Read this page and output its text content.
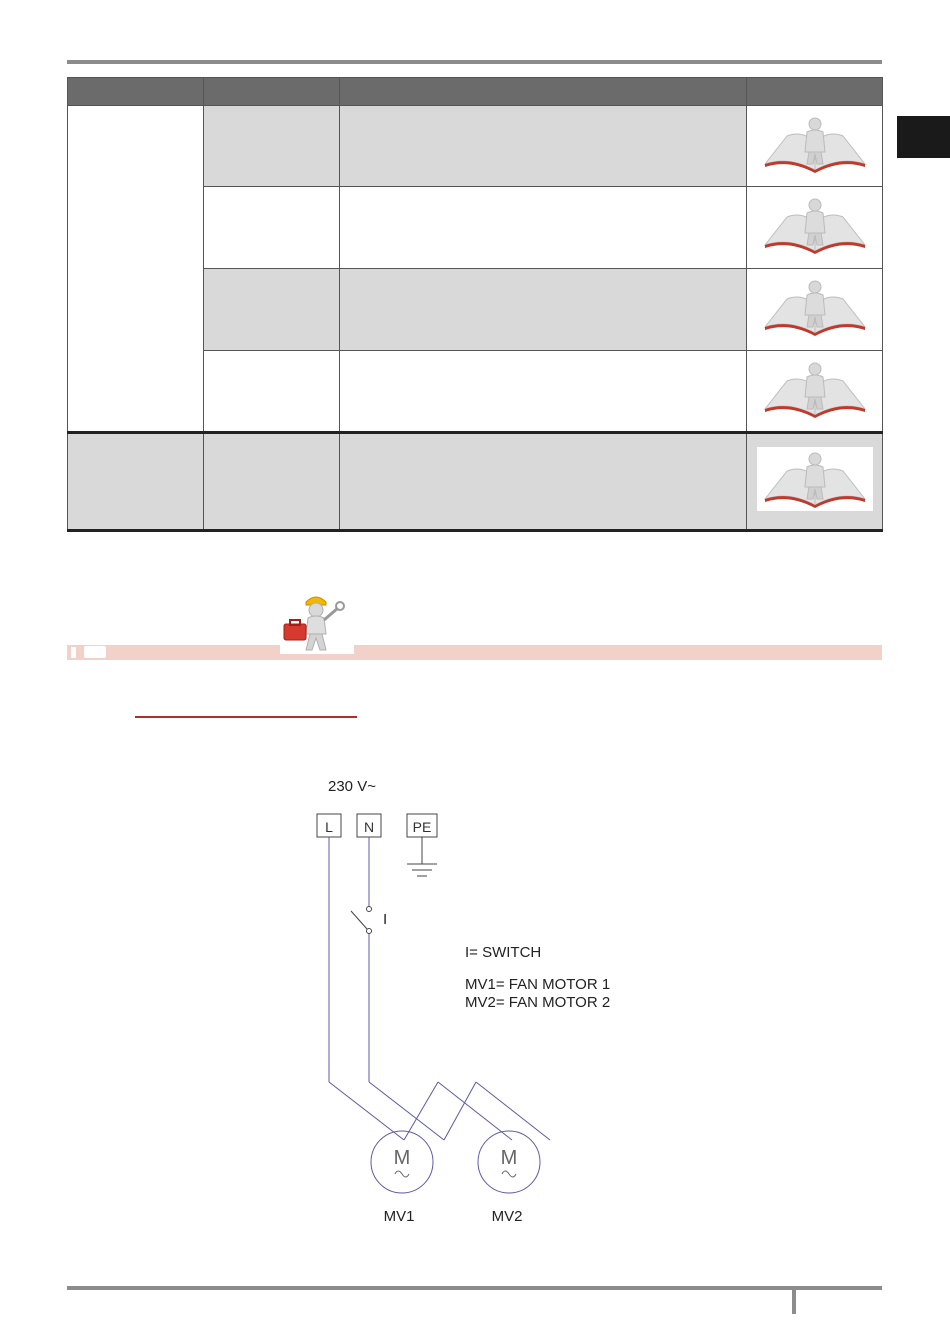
230 V~
L N	PE
I
I= SWITCH
MV1= FAN MOTOR 1
MV2= FAN MOTOR 2
M	M
MV1	MV2
